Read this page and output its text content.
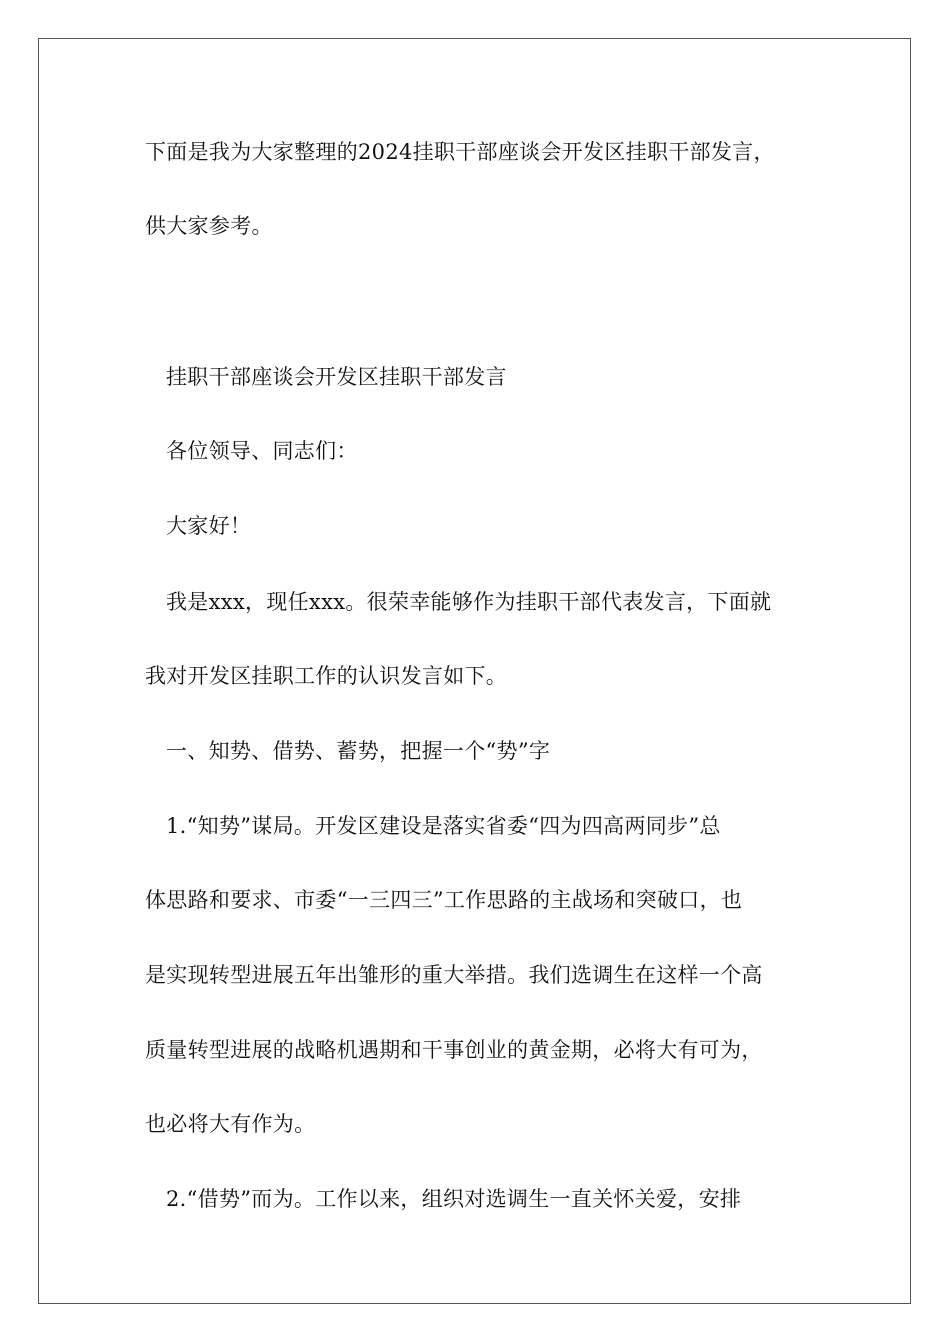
下面是我为大家整理的2024挂职干部座谈会开发区挂职干部发言，
供大家参考。
挂职干部座谈会开发区挂职干部发言
各位领导、同志们：
大家好！
我是xxx，现任xxx。很荣幸能够作为挂职干部代表发言，下面就
我对开发区挂职工作的认识发言如下。
一、知势、借势、蓄势，把握一个“势”字
1.“知势”谋局。开发区建设是落实省委“四为四高两同步”总
体思路和要求、市委“一三四三”工作思路的主战场和突破口，也
是实现转型进展五年出雏形的重大举措。我们选调生在这样一个高
质量转型进展的战略机遇期和干事创业的黄金期，必将大有可为，
也必将大有作为。
2.“借势”而为。工作以来，组织对选调生一直关怀关爱，安排
